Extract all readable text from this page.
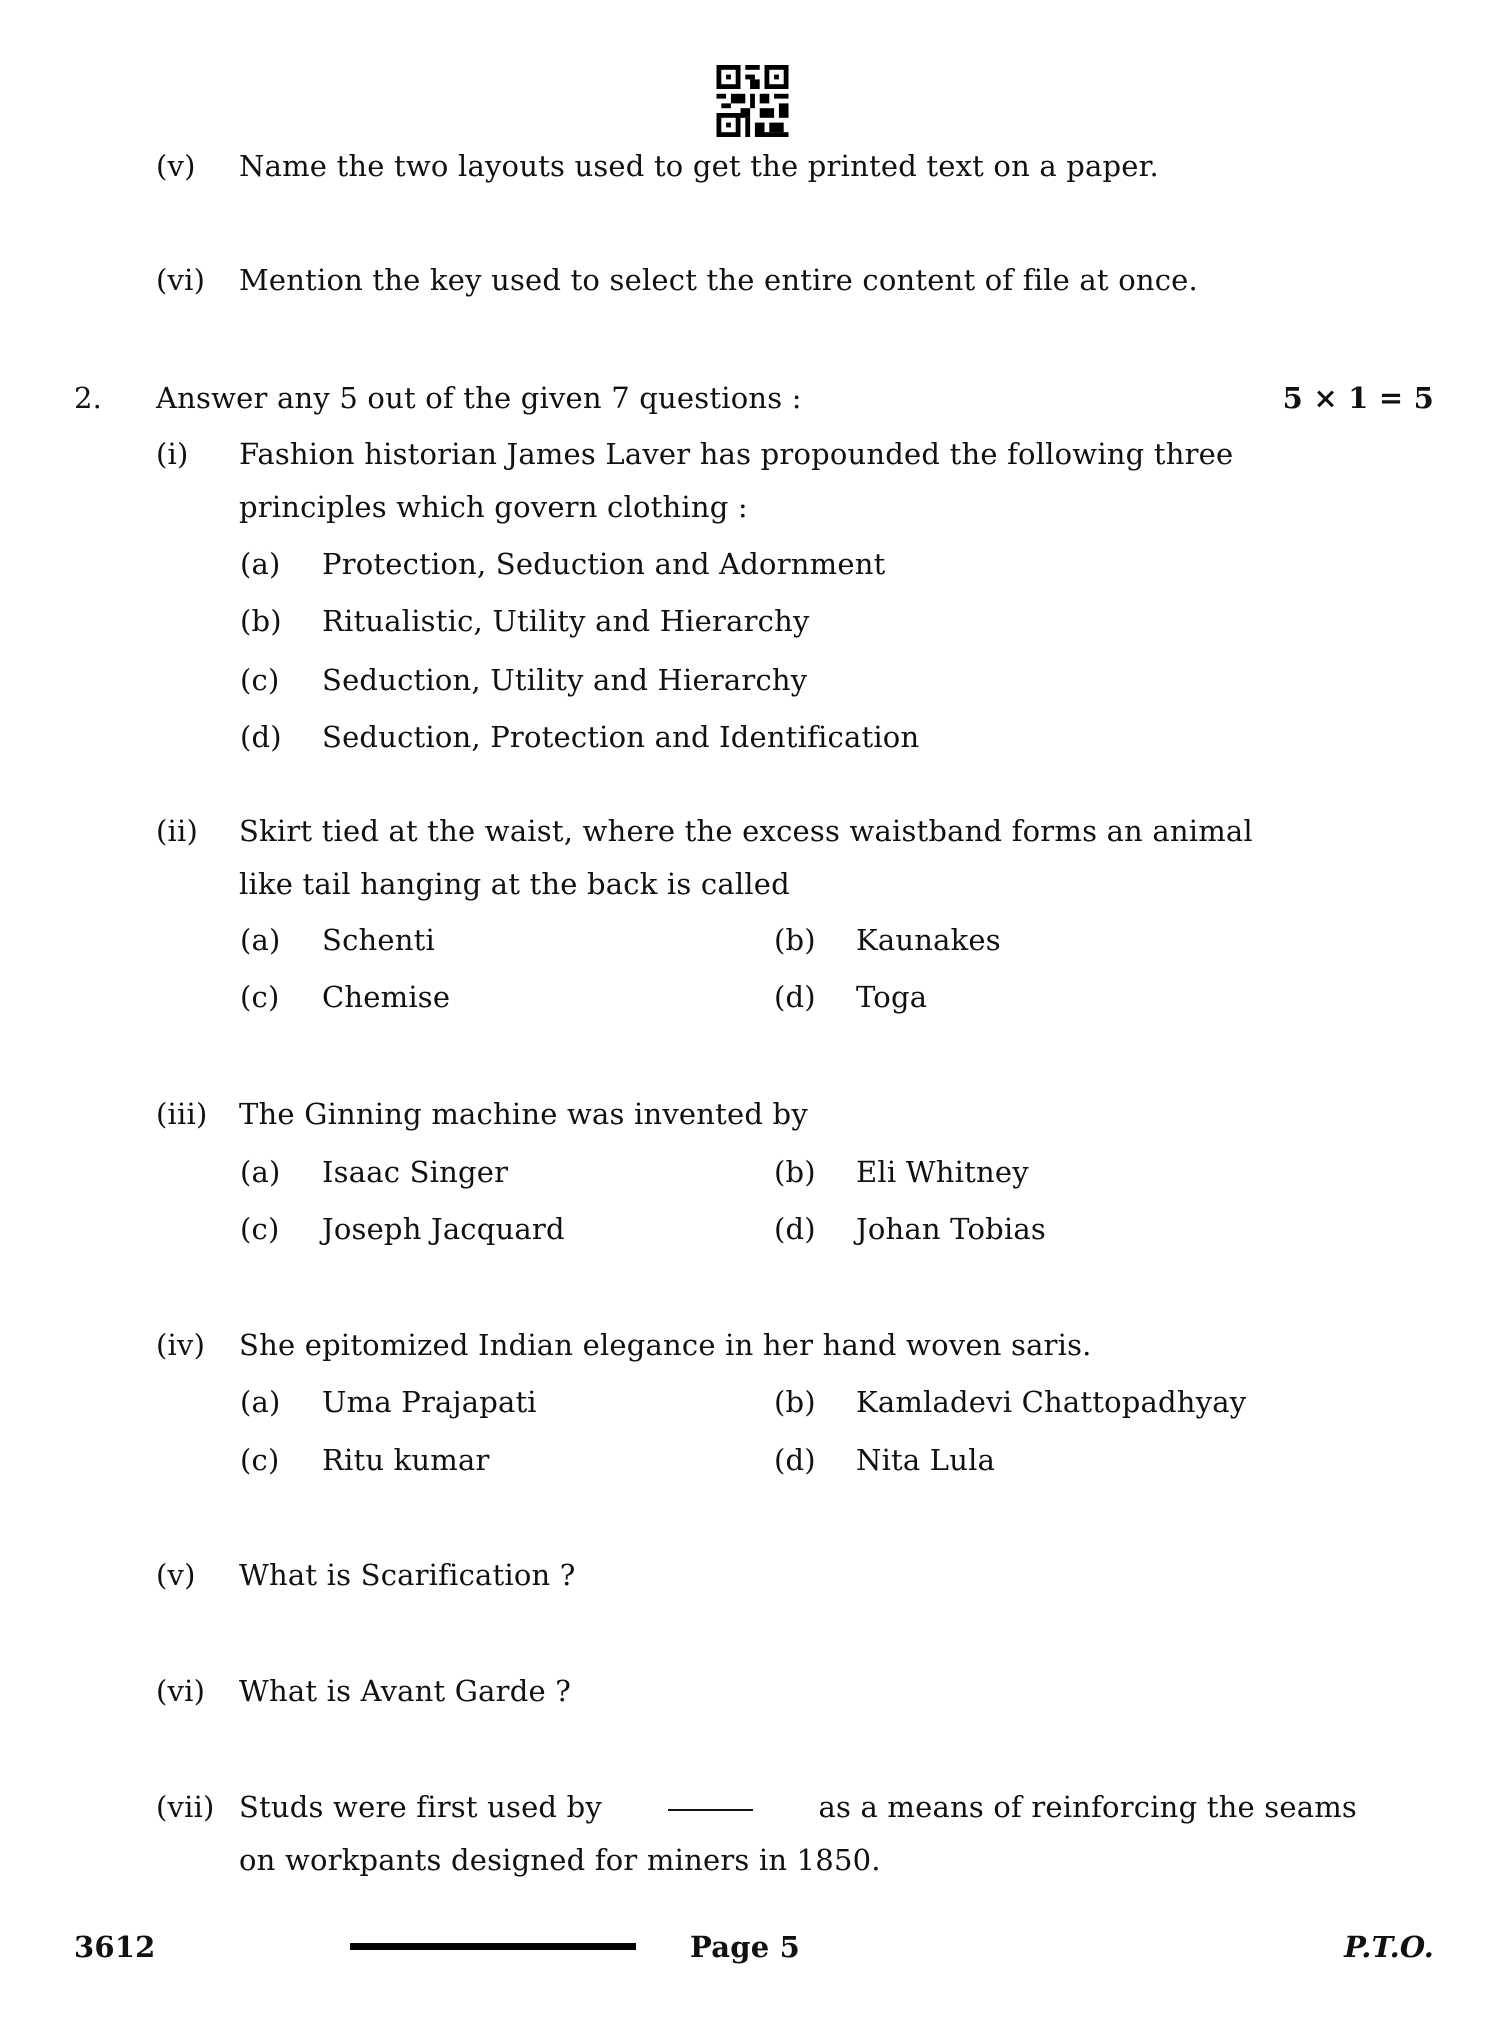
(v) Name the two layouts used to get the printed text on a paper.
(vi) Mention the key used to select the entire content of file at once.
2. Answer any 5 out of the given 7 questions :	5 × 1 = 5
(i) Fashion historian James Laver has propounded the following three
principles which govern clothing :
(a) Protection, Seduction and Adornment
(b) Ritualistic, Utility and Hierarchy
(c) Seduction, Utility and Hierarchy
(d) Seduction, Protection and Identification
(ii) Skirt tied at the waist, where the excess waistband forms an animal
like tail hanging at the back is called
(a) Schenti	(b) Kaunakes
(c) Chemise	(d) Toga
(iii) The Ginning machine was invented by
(a) Isaac Singer	(b) Eli Whitney
(c) Joseph Jacquard	(d) Johan Tobias
(iv) She epitomized Indian elegance in her hand woven saris.
(a) Uma Prajapati	(b) Kamladevi Chattopadhyay
(c) Ritu kumar	(d) Nita Lula
(v) What is Scarification ?
(vi) What is Avant Garde ?
(vii) Studs were first used by	as a means of reinforcing the seams
on workpants designed for miners in 1850.
3612	Page 5	P.T.O.
